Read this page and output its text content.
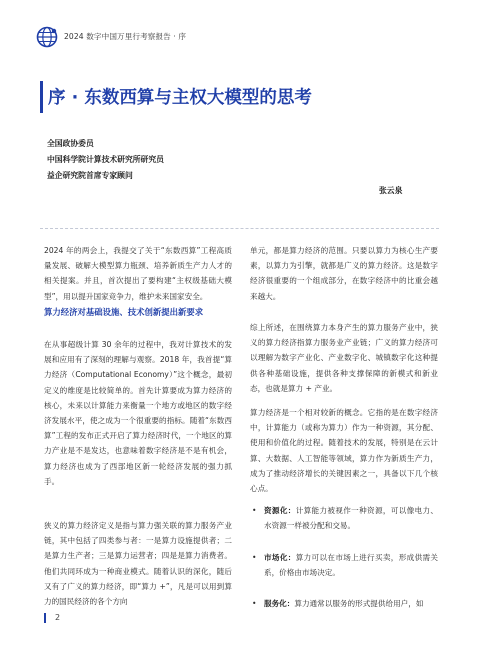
2024 数字中国万里行考察报告 · 序
序 · 东数西算与主权大模型的思考
全国政协委员
中国科学院计算技术研究所研究员
益企研究院首席专家顾问
张云泉

2024 年的两会上，我提交了关于“东数西算”工程高质量发展、破解大模型算力瓶颈、培养新质生产力人才的相关提案。并且，首次提出了要构建“主权级基础大模型”，用以提升国家竞争力，维护未来国家安全。

算力经济对基础设施、技术创新提出新要求

在从事超级计算 30 余年的过程中，我对计算技术的发展和应用有了深刻的理解与观察。2018 年，我首提“算力经济（Computational Economy）”这个概念，最初定义的维度是比较简单的。首先计算要成为算力经济的核心，未来以计算能力来衡量一个地方或地区的数字经济发展水平，使之成为一个很重要的指标。随着“东数西算”工程的发布正式开启了算力经济时代，一个地区的算力产业是不是发达，也意味着数字经济是不是有机会，算力经济也成为了西部地区新一轮经济发展的强力抓手。

狭义的算力经济定义是指与算力强关联的算力服务产业链，其中包括了四类参与者：一是算力设施提供者；二是算力生产者；三是算力运营者；四是是算力消费者。他们共同环成为一种商业模式。随着认识的深化，随后又有了广义的算力经济，即“算力 +”，凡是可以用到算力的国民经济的各个方向

单元，都是算力经济的范围。只要以算力为核心生产要素，以算力为引擎，就都是广义的算力经济。这是数字经济很重要的一个组成部分，在数字经济中的比重会越来越大。

综上所述，在围绕算力本身产生的算力服务产业中，狭义的算力经济指算力服务业产业链；广义的算力经济可以理解为数字产业化、产业数字化、城镇数字化这种提供各种基础设施，提供各种支撑保障的新模式和新业态，也就是算力 + 产业。

算力经济是一个相对较新的概念。它指的是在数字经济中，计算能力（或称为算力）作为一种资源，其分配、使用和价值化的过程。随着技术的发展，特别是在云计算、大数据、人工智能等领域，算力作为新质生产力，成为了推动经济增长的关键因素之一，具备以下几个核心点。

• 资源化：计算能力被视作一种资源，可以像电力、水资源一样被分配和交易。
• 市场化：算力可以在市场上进行买卖，形成供需关系，价格由市场决定。
• 服务化：算力通常以服务的形式提供给用户，如
2
